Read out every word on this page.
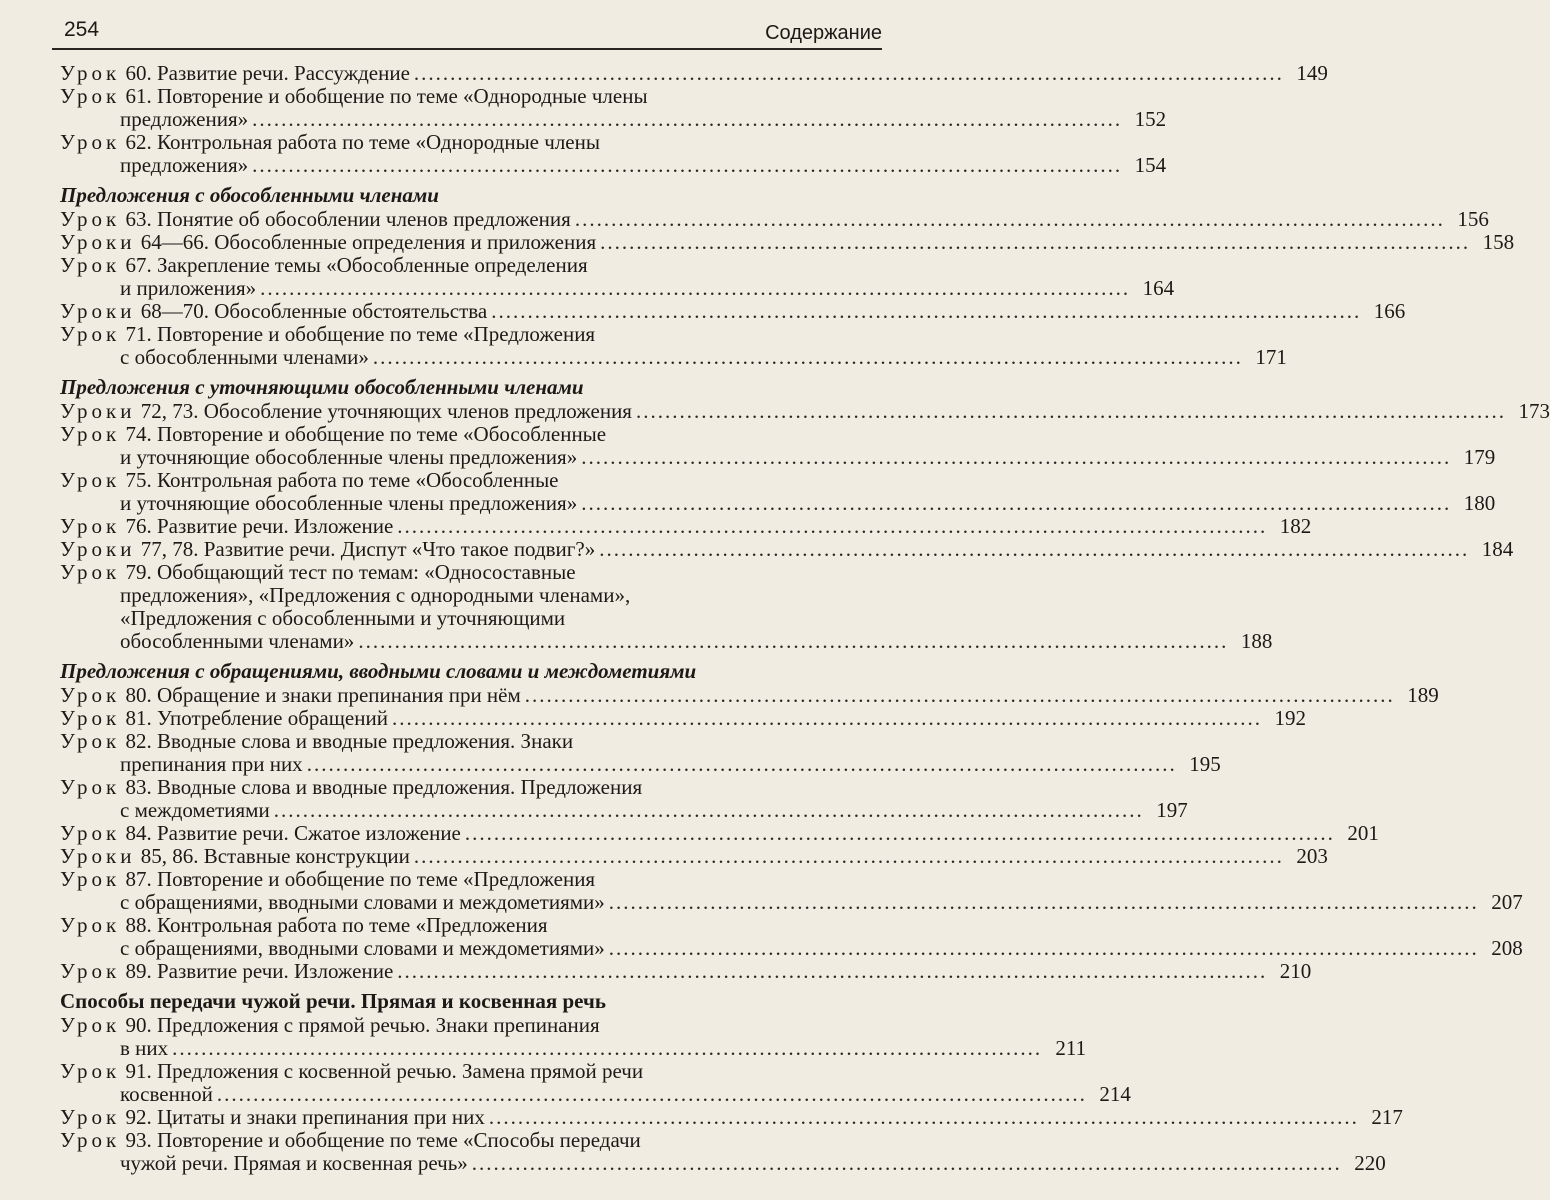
254	Содержание
Урок 60. Развитие речи. Рассуждение ........................................................................................................................ 149
Урок 61. Повторение и обобщение по теме «Однородные члены
предложения» ........................................................................................................................ 152
Урок 62. Контрольная работа по теме «Однородные члены
предложения» ........................................................................................................................ 154
Предложения с обособленными членами
Урок 63. Понятие об обособлении членов предложения ........................................................................................................................ 156
Уроки 64—66. Обособленные определения и приложения ........................................................................................................................ 158
Урок 67. Закрепление темы «Обособленные определения
и приложения» ........................................................................................................................ 164
Уроки 68—70. Обособленные обстоятельства ........................................................................................................................ 166
Урок 71. Повторение и обобщение по теме «Предложения
с обособленными членами» ........................................................................................................................ 171
Предложения с уточняющими обособленными членами
Уроки 72, 73. Обособление уточняющих членов предложения ........................................................................................................................ 173
Урок 74. Повторение и обобщение по теме «Обособленные
и уточняющие обособленные члены предложения» ........................................................................................................................ 179
Урок 75. Контрольная работа по теме «Обособленные
и уточняющие обособленные члены предложения» ........................................................................................................................ 180
Урок 76. Развитие речи. Изложение ........................................................................................................................ 182
Уроки 77, 78. Развитие речи. Диспут «Что такое подвиг?» ........................................................................................................................ 184
Урок 79. Обобщающий тест по темам: «Односоставные
предложения», «Предложения с однородными членами»,
«Предложения с обособленными и уточняющими
обособленными членами» ........................................................................................................................ 188
Предложения с обращениями, вводными словами и междометиями
Урок 80. Обращение и знаки препинания при нём ........................................................................................................................ 189
Урок 81. Употребление обращений ........................................................................................................................ 192
Урок 82. Вводные слова и вводные предложения. Знаки
препинания при них ........................................................................................................................ 195
Урок 83. Вводные слова и вводные предложения. Предложения
с междометиями ........................................................................................................................ 197
Урок 84. Развитие речи. Сжатое изложение ........................................................................................................................ 201
Уроки 85, 86. Вставные конструкции ........................................................................................................................ 203
Урок 87. Повторение и обобщение по теме «Предложения
с обращениями, вводными словами и междометиями» ........................................................................................................................ 207
Урок 88. Контрольная работа по теме «Предложения
с обращениями, вводными словами и междометиями» ........................................................................................................................ 208
Урок 89. Развитие речи. Изложение ........................................................................................................................ 210
Способы передачи чужой речи. Прямая и косвенная речь
Урок 90. Предложения с прямой речью. Знаки препинания
в них ........................................................................................................................ 211
Урок 91. Предложения с косвенной речью. Замена прямой речи
косвенной ........................................................................................................................ 214
Урок 92. Цитаты и знаки препинания при них ........................................................................................................................ 217
Урок 93. Повторение и обобщение по теме «Способы передачи
чужой речи. Прямая и косвенная речь» ........................................................................................................................ 220
